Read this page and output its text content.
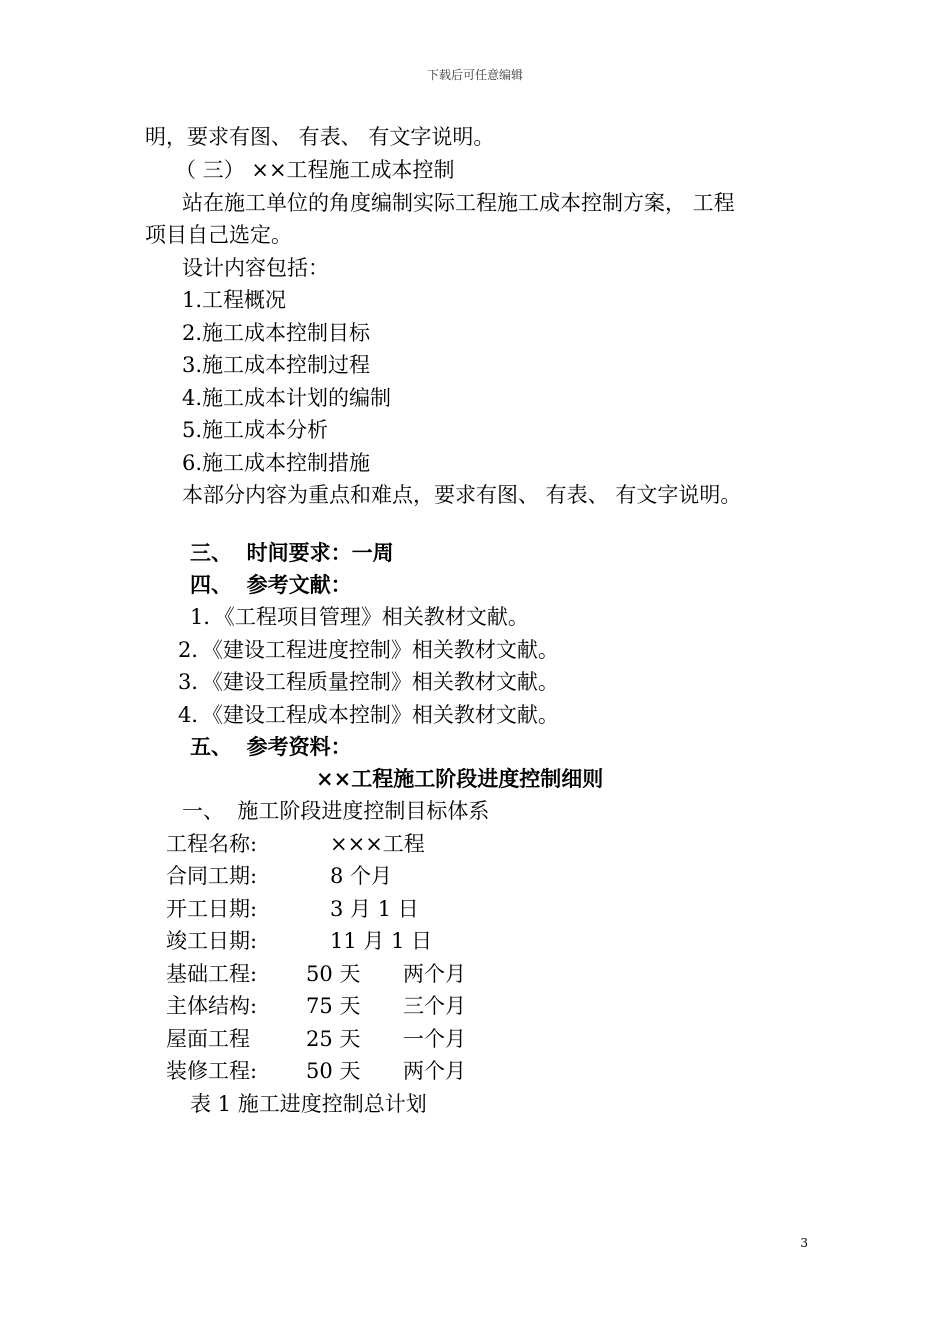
下载后可任意编辑
明，要求有图、 有表、 有文字说明。
（ 三） ××工程施工成本控制
站在施工单位的角度编制实际工程施工成本控制方案， 工程
项目自己选定。
设计内容包括：
1.工程概况
2.施工成本控制目标
3.施工成本控制过程
4.施工成本计划的编制
5.施工成本分析
6.施工成本控制措施
本部分内容为重点和难点，要求有图、 有表、 有文字说明。
三、  时间要求：一周
四、  参考文献：
1．《工程项目管理》相关教材文献。
2．《建设工程进度控制》相关教材文献。
3．《建设工程质量控制》相关教材文献。
4．《建设工程成本控制》相关教材文献。
五、  参考资料：
××工程施工阶段进度控制细则
一、  施工阶段进度控制目标体系
工程名称:	×××工程
合同工期:	8 个月
开工日期:	3 月 1 日
竣工日期:	11 月 1 日
基础工程: 50 天 两个月
主体结构: 75 天 三个月
屋面工程	25 天 一个月
装修工程: 50 天 两个月
表 1 施工进度控制总计划
3
